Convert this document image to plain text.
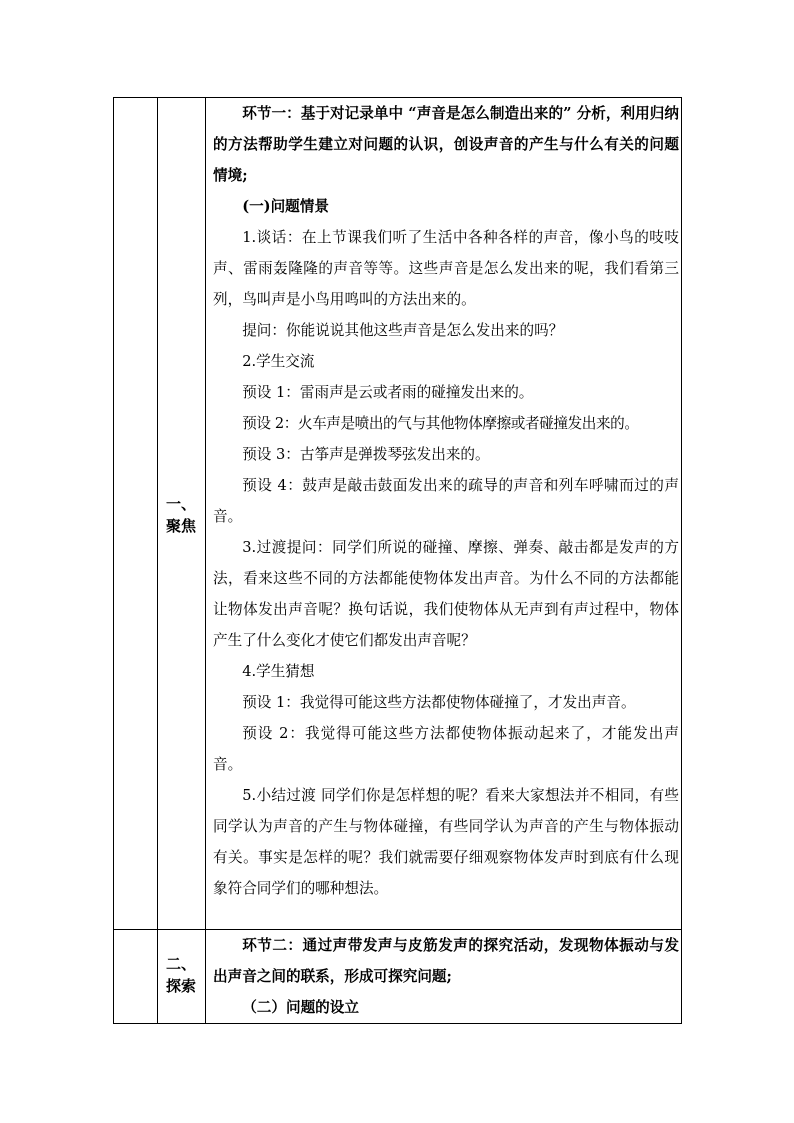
一、
聚焦

环节一：基于对记录单中 “声音是怎么制造出来的” 分析，利用归纳的方法帮助学生建立对问题的认识，创设声音的产生与什么有关的问题情境;

(一)问题情景

1.谈话：在上节课我们听了生活中各种各样的声音，像小鸟的吱吱声、雷雨轰隆隆的声音等等。这些声音是怎么发出来的呢，我们看第三列，鸟叫声是小鸟用鸣叫的方法出来的。

提问：你能说说其他这些声音是怎么发出来的吗？

2.学生交流

预设 1：雷雨声是云或者雨的碰撞发出来的。

预设 2：火车声是喷出的气与其他物体摩擦或者碰撞发出来的。

预设 3：古筝声是弹拨琴弦发出来的。

预设 4：鼓声是敲击鼓面发出来的疏导的声音和列车呼啸而过的声音。

3.过渡提问：同学们所说的碰撞、摩擦、弹奏、敲击都是发声的方法，看来这些不同的方法都能使物体发出声音。为什么不同的方法都能让物体发出声音呢？换句话说，我们使物体从无声到有声过程中，物体产生了什么变化才使它们都发出声音呢？

4.学生猜想

预设 1：我觉得可能这些方法都使物体碰撞了，才发出声音。

预设 2：我觉得可能这些方法都使物体振动起来了，才能发出声音。

5.小结过渡 同学们你是怎样想的呢？看来大家想法并不相同，有些同学认为声音的产生与物体碰撞，有些同学认为声音的产生与物体振动有关。事实是怎样的呢？我们就需要仔细观察物体发声时到底有什么现象符合同学们的哪种想法。

二、
探索

环节二：通过声带发声与皮筋发声的探究活动，发现物体振动与发出声音之间的联系，形成可探究问题;

（二）问题的设立
